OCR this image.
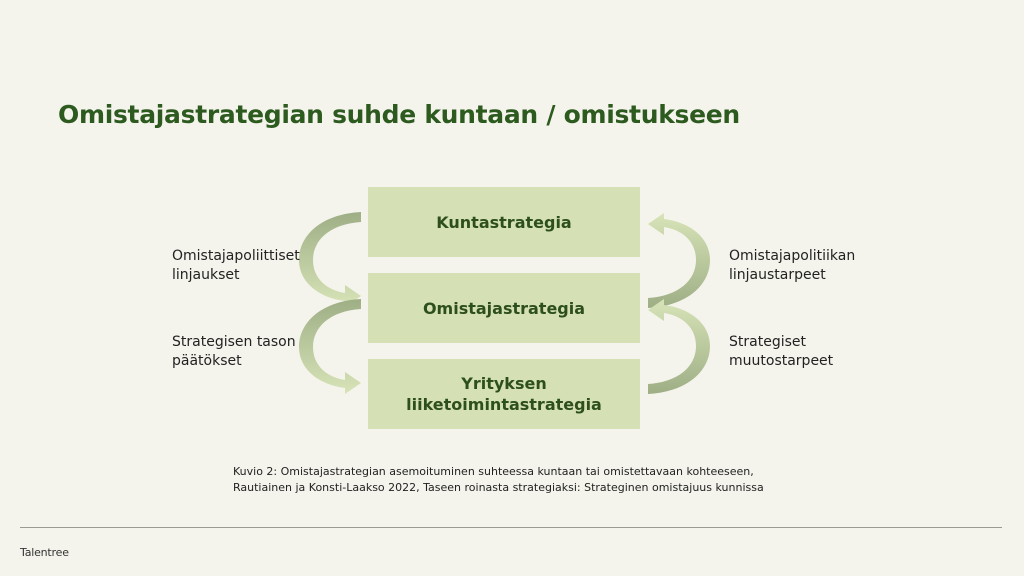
Omistajastrategian suhde kuntaan / omistukseen
Kuntastrategia
Omistajastrategia
Yrityksen
liiketoimintastrategia
Omistajapoliittiset
linjaukset
Strategisen tason
päätökset
Omistajapolitiikan
linjaustarpeet
Strategiset
muutostarpeet
Kuvio 2: Omistajastrategian asemoituminen suhteessa kuntaan tai omistettavaan kohteeseen,
Rautiainen ja Konsti-Laakso 2022, Taseen roinasta strategiaksi: Strateginen omistajuus kunnissa
Talentree
